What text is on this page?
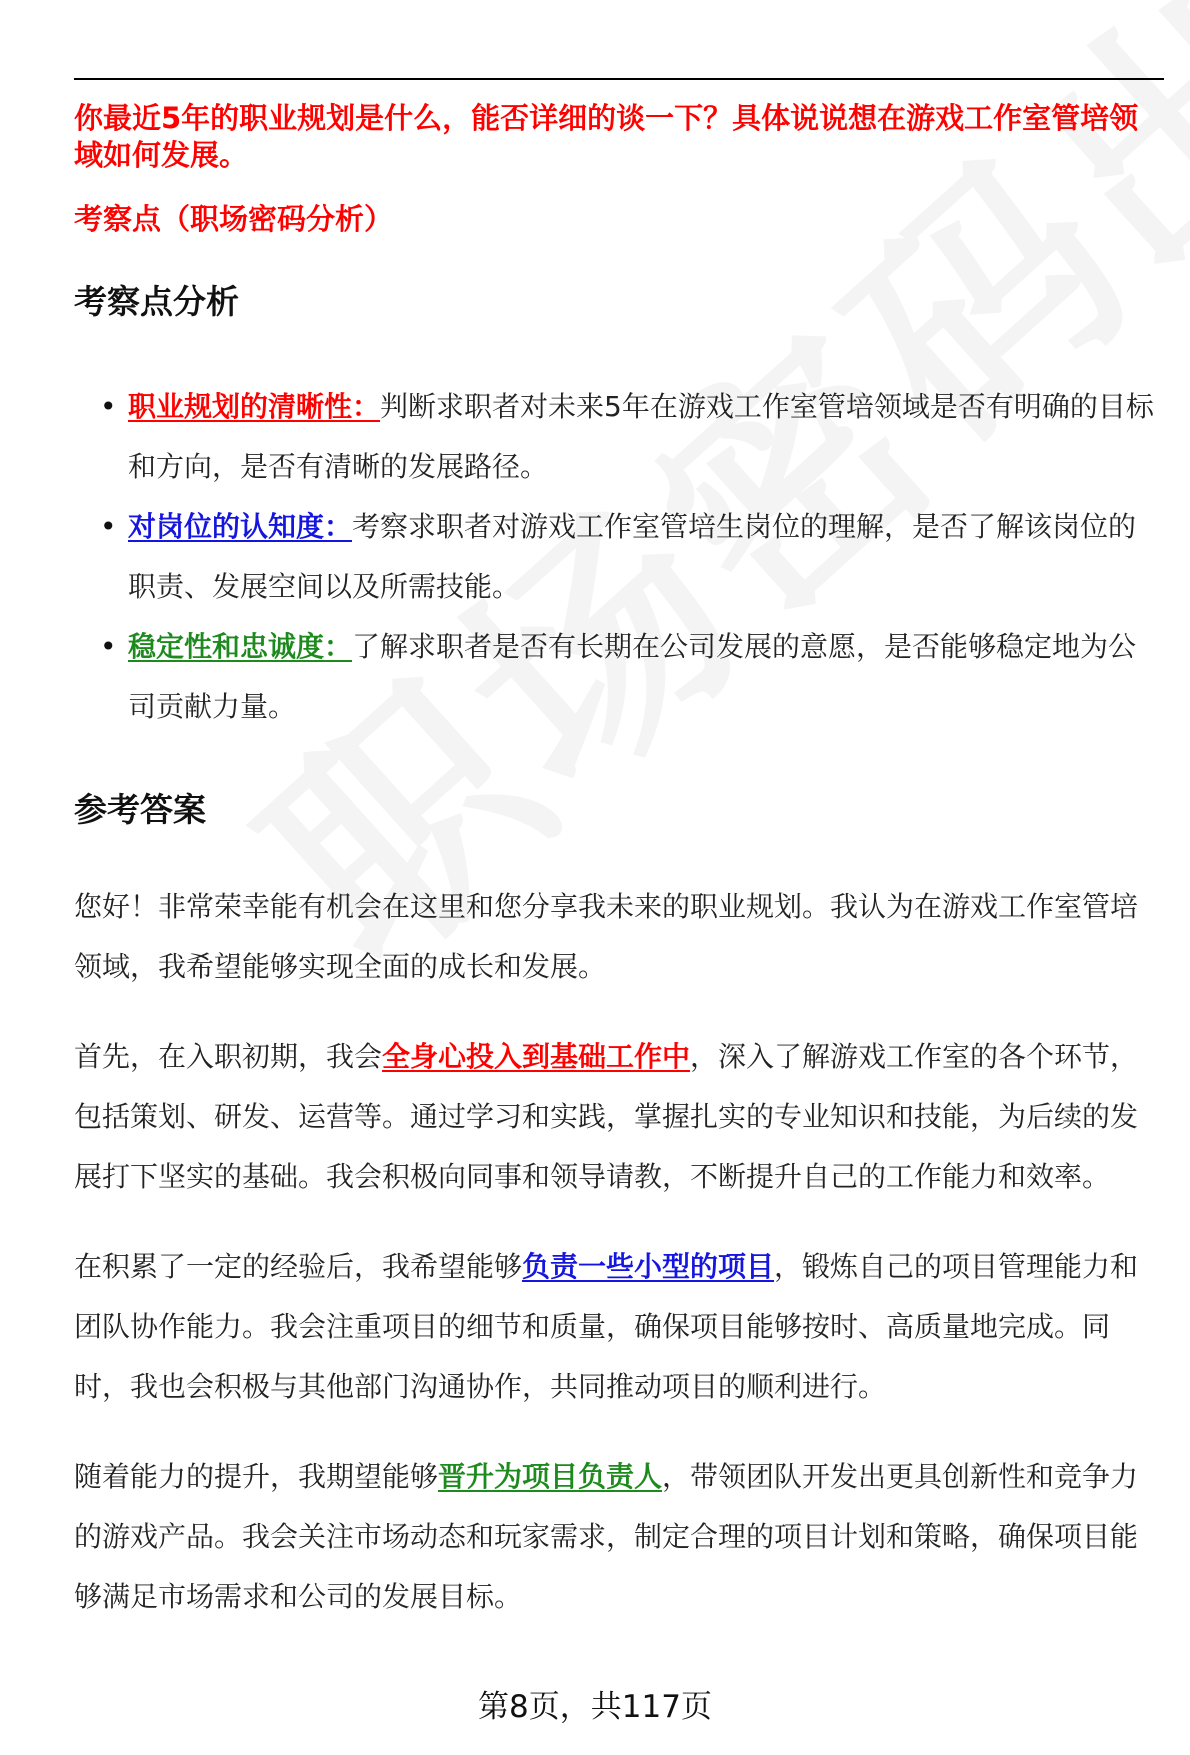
你最近5年的职业规划是什么，能否详细的谈一下？具体说说想在游戏工作室管培领域如何发展。

考察点（职场密码分析）

考察点分析
• 职业规划的清晰性：判断求职者对未来5年在游戏工作室管培领域是否有明确的目标和方向，是否有清晰的发展路径。
• 对岗位的认知度：考察求职者对游戏工作室管培生岗位的理解，是否了解该岗位的职责、发展空间以及所需技能。
• 稳定性和忠诚度：了解求职者是否有长期在公司发展的意愿，是否能够稳定地为公司贡献力量。
参考答案

您好！非常荣幸能有机会在这里和您分享我未来的职业规划。我认为在游戏工作室管培领域，我希望能够实现全面的成长和发展。

首先，在入职初期，我会全身心投入到基础工作中，深入了解游戏工作室的各个环节，包括策划、研发、运营等。通过学习和实践，掌握扎实的专业知识和技能，为后续的发展打下坚实的基础。我会积极向同事和领导请教，不断提升自己的工作能力和效率。

在积累了一定的经验后，我希望能够负责一些小型的项目，锻炼自己的项目管理能力和团队协作能力。我会注重项目的细节和质量，确保项目能够按时、高质量地完成。同时，我也会积极与其他部门沟通协作，共同推动项目的顺利进行。

随着能力的提升，我期望能够晋升为项目负责人，带领团队开发出更具创新性和竞争力的游戏产品。我会关注市场动态和玩家需求，制定合理的项目计划和策略，确保项目能够满足市场需求和公司的发展目标。

第8页，共117页
